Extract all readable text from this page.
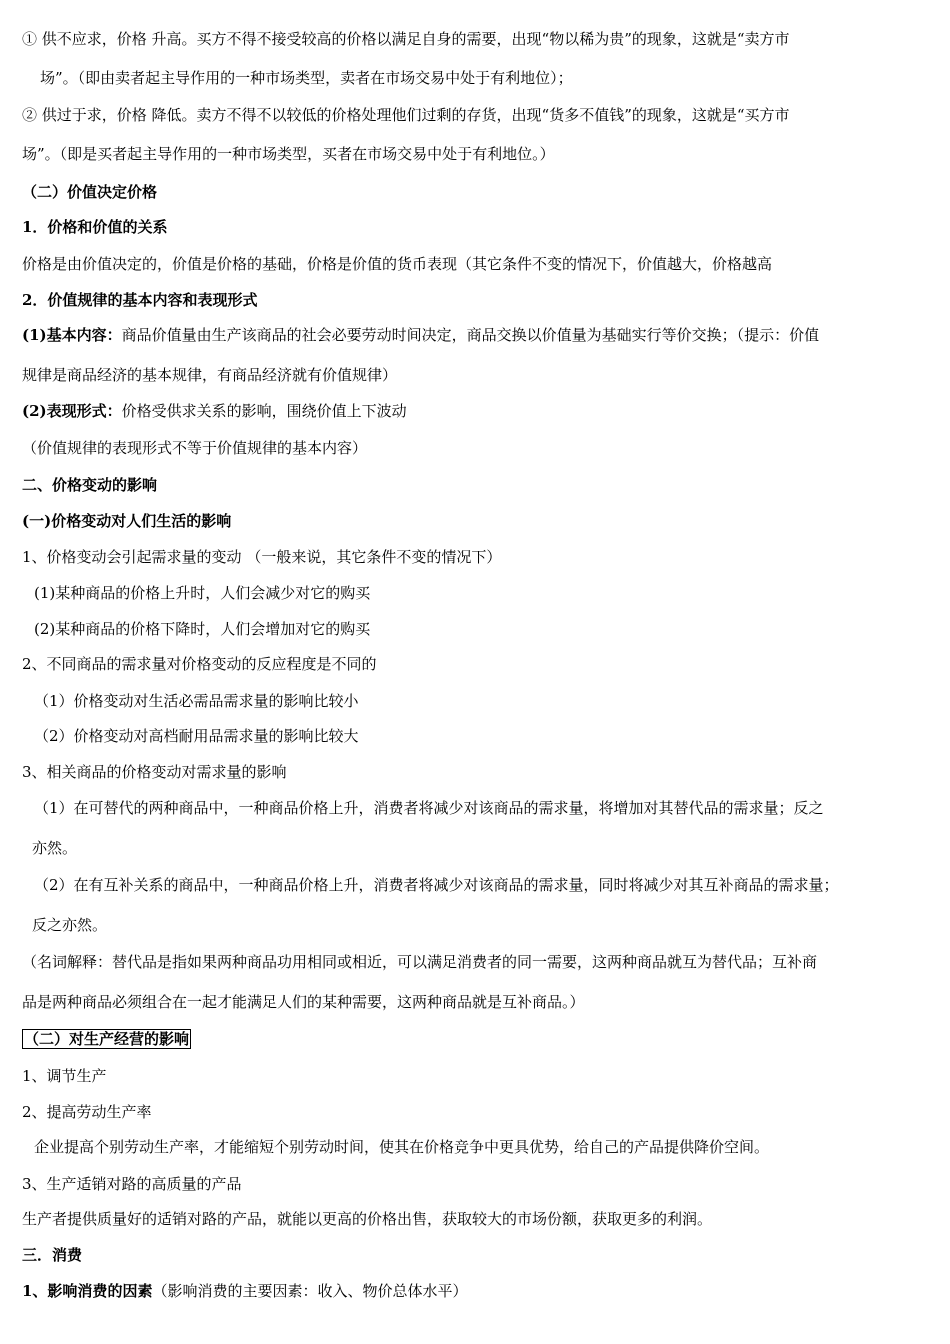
① 供不应求，价格 升高。买方不得不接受较高的价格以满足自身的需要，出现“物以稀为贵”的现象，这就是“卖方市
场”。（即由卖者起主导作用的一种市场类型，卖者在市场交易中处于有利地位）；
② 供过于求，价格 降低。卖方不得不以较低的价格处理他们过剩的存货，出现“货多不值钱”的现象，这就是“买方市
场”。（即是买者起主导作用的一种市场类型，买者在市场交易中处于有利地位。）
（二）价值决定价格
1．价格和价值的关系
价格是由价值决定的，价值是价格的基础，价格是价值的货币表现（其它条件不变的情况下，价值越大，价格越高
2．价值规律的基本内容和表现形式
(1)基本内容：商品价值量由生产该商品的社会必要劳动时间决定，商品交换以价值量为基础实行等价交换；（提示：价值
规律是商品经济的基本规律，有商品经济就有价值规律）
(2)表现形式：价格受供求关系的影响，围绕价值上下波动
（价值规律的表现形式不等于价值规律的基本内容）
二、价格变动的影响
(一)价格变动对人们生活的影响
1、价格变动会引起需求量的变动 （一般来说，其它条件不变的情况下）
(1)某种商品的价格上升时，人们会减少对它的购买
(2)某种商品的价格下降时，人们会增加对它的购买
2、不同商品的需求量对价格变动的反应程度是不同的
（1）价格变动对生活必需品需求量的影响比较小
（2）价格变动对高档耐用品需求量的影响比较大
3、相关商品的价格变动对需求量的影响
（1）在可替代的两种商品中，一种商品价格上升，消费者将减少对该商品的需求量，将增加对其替代品的需求量；反之
亦然。
（2）在有互补关系的商品中，一种商品价格上升，消费者将减少对该商品的需求量，同时将减少对其互补商品的需求量；
反之亦然。
（名词解释：替代品是指如果两种商品功用相同或相近，可以满足消费者的同一需要，这两种商品就互为替代品；互补商
品是两种商品必须组合在一起才能满足人们的某种需要，这两种商品就是互补商品。）
（二）对生产经营的影响
1、调节生产
2、提高劳动生产率
企业提高个别劳动生产率，才能缩短个别劳动时间，使其在价格竞争中更具优势，给自己的产品提供降价空间。
3、生产适销对路的高质量的产品
生产者提供质量好的适销对路的产品，就能以更高的价格出售，获取较大的市场份额，获取更多的利润。
三．消费
1、影响消费的因素（影响消费的主要因素：收入、物价总体水平）
